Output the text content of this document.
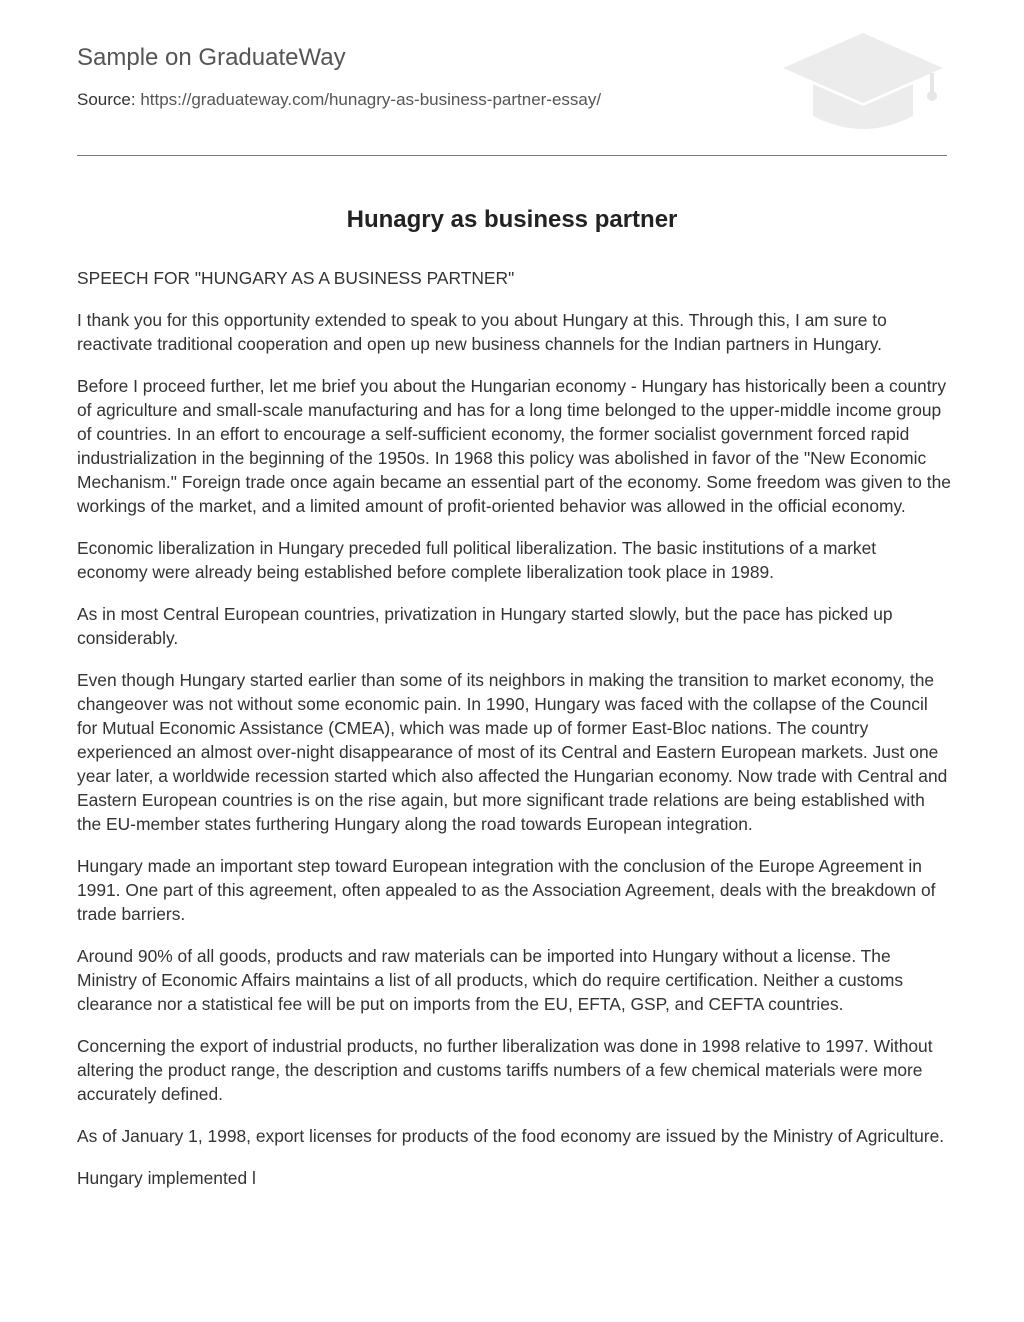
Sample on GraduateWay
Source: https://graduateway.com/hunagry-as-business-partner-essay/
Hunagry as business partner

SPEECH FOR "HUNGARY AS A BUSINESS PARTNER"

I thank you for this opportunity extended to speak to you about Hungary at this. Through this, I am sure to reactivate traditional cooperation and open up new business channels for the Indian partners in Hungary.

Before I proceed further, let me brief you about the Hungarian economy - Hungary has historically been a country of agriculture and small-scale manufacturing and has for a long time belonged to the upper-middle income group of countries. In an effort to encourage a self-sufficient economy, the former socialist government forced rapid industrialization in the beginning of the 1950s. In 1968 this policy was abolished in favor of the "New Economic Mechanism." Foreign trade once again became an essential part of the economy. Some freedom was given to the workings of the market, and a limited amount of profit-oriented behavior was allowed in the official economy.

Economic liberalization in Hungary preceded full political liberalization. The basic institutions of a market economy were already being established before complete liberalization took place in 1989.

As in most Central European countries, privatization in Hungary started slowly, but the pace has picked up considerably.

Even though Hungary started earlier than some of its neighbors in making the transition to market economy, the changeover was not without some economic pain. In 1990, Hungary was faced with the collapse of the Council for Mutual Economic Assistance (CMEA), which was made up of former East-Bloc nations. The country experienced an almost over-night disappearance of most of its Central and Eastern European markets. Just one year later, a worldwide recession started which also affected the Hungarian economy. Now trade with Central and Eastern European countries is on the rise again, but more significant trade relations are being established with the EU-member states furthering Hungary along the road towards European integration.

Hungary made an important step toward European integration with the conclusion of the Europe Agreement in 1991. One part of this agreement, often appealed to as the Association Agreement, deals with the breakdown of trade barriers.

Around 90% of all goods, products and raw materials can be imported into Hungary without a license. The Ministry of Economic Affairs maintains a list of all products, which do require certification. Neither a customs clearance nor a statistical fee will be put on imports from the EU, EFTA, GSP, and CEFTA countries.

Concerning the export of industrial products, no further liberalization was done in 1998 relative to 1997. Without altering the product range, the description and customs tariffs numbers of a few chemical materials were more accurately defined.

As of January 1, 1998, export licenses for products of the food economy are issued by the Ministry of Agriculture.

Hungary implemented l
